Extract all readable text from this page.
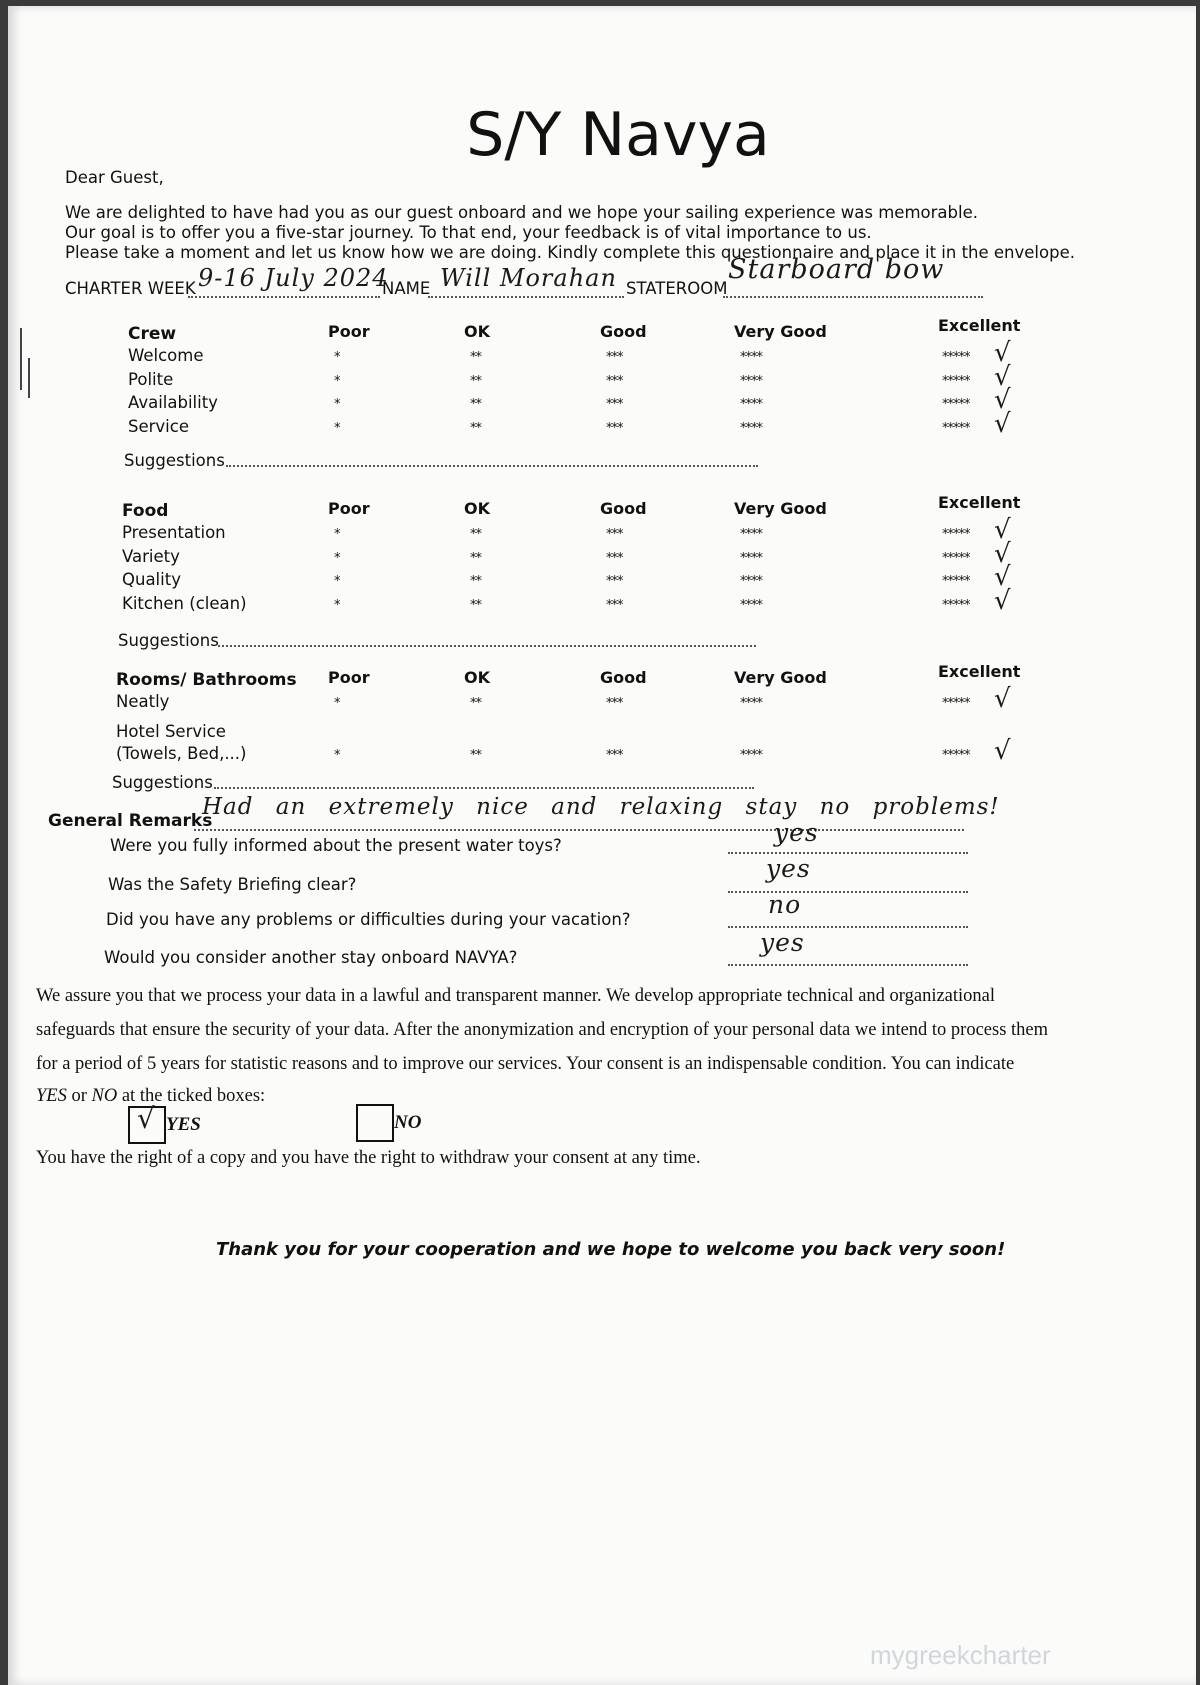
S/Y Navya
Dear Guest,
We are delighted to have had you as our guest onboard and we hope your sailing experience was memorable.
Our goal is to offer you a five-star journey. To that end, your feedback is of vital importance to us.
Please take a moment and let us know how we are doing. Kindly complete this questionnaire and place it in the envelope.
CHARTER WEEK 9-16 July 2024
NAME Will Morahan STATEROOM
Starboard bow
Crew	Poor	OK	Good	Very Good	Excellent
Welcome	*	**	***	****	***** √
Polite	*	**	***	****	***** √
Availability	*	**	***	****	***** √
Service	*	**	***	****	***** √
Suggestions
Food	Poor	OK	Good	Very Good	Excellent
Presentation	*	**	***	****	***** √
Variety	*	**	***	****	***** √
Quality	*	**	***	****	***** √
Kitchen (clean)	*	**	***	****	***** √
Suggestions
Rooms/ Bathrooms Poor	OK	Good	Very Good	Excellent
Neatly	*	**	***	****	***** √
Hotel Service
(Towels, Bed,...)	*	**	***	****	***** √
Suggestions
General Remarks
Had an extremely nice and relaxing stay no problems!
Were you fully informed about the present water toys?	yes
Was the Safety Briefing clear?
yes
Did you have any problems or difficulties during your vacation?
no
Would you consider another stay onboard NAVYA?
yes
We assure you that we process your data in a lawful and transparent manner. We develop appropriate technical and organizational
safeguards that ensure the security of your data. After the anonymization and encryption of your personal data we intend to process them
for a period of 5 years for statistic reasons and to improve our services. Your consent is an indispensable condition. You can indicate
YES or NO at the ticked boxes:
√ YES	NO
You have the right of a copy and you have the right to withdraw your consent at any time.
Thank you for your cooperation and we hope to welcome you back very soon!
mygreekcharter
